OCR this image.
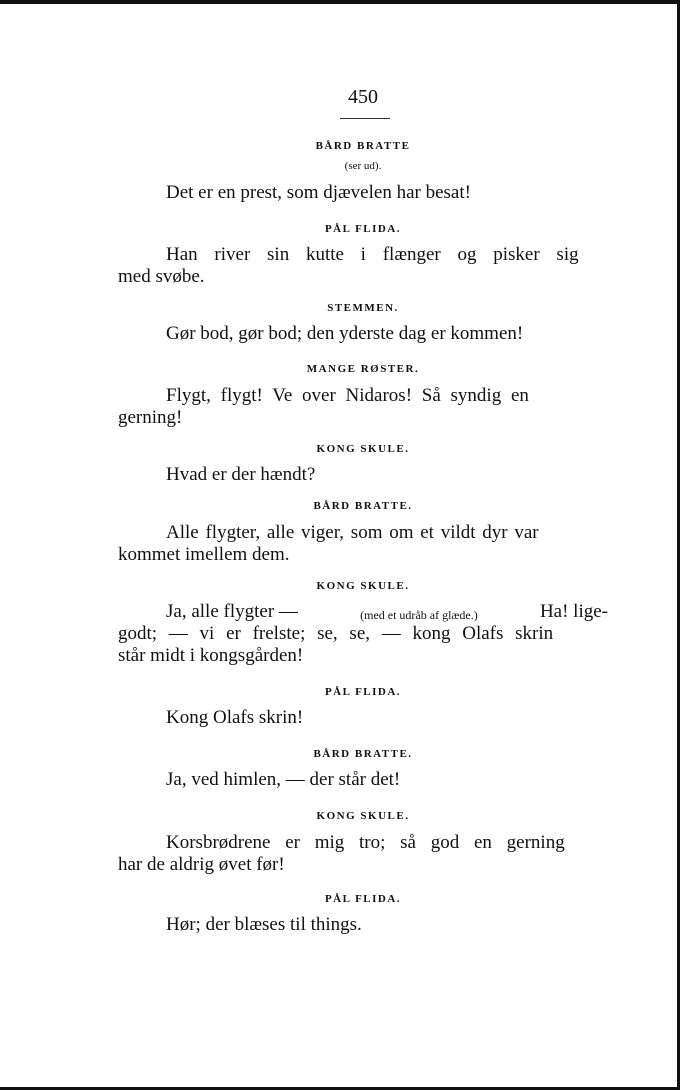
450
BÅRD BRATTE
(ser ud).
Det er en prest, som djævelen har besat!
PÅL FLIDA.
Han river sin kutte i flænger og pisker sig
med svøbe.
STEMMEN.
Gør bod, gør bod; den yderste dag er kommen!
MANGE RØSTER.
Flygt, flygt! Ve over Nidaros! Så syndig en
gerning!
KONG SKULE.
Hvad er der hændt?
BÅRD BRATTE.
Alle flygter, alle viger, som om et vildt dyr var
kommet imellem dem.
KONG SKULE.
Ja, alle flygter —	(med et udråb af glæde.)	Ha! lige-
godt; — vi er frelste; se, se, — kong Olafs skrin
står midt i kongsgården!
PÅL FLIDA.
Kong Olafs skrin!
BÅRD BRATTE.
Ja, ved himlen, — der står det!
KONG SKULE.
Korsbrødrene er mig tro; så god en gerning
har de aldrig øvet før!
PÅL FLIDA.
Hør; der blæses til things.
